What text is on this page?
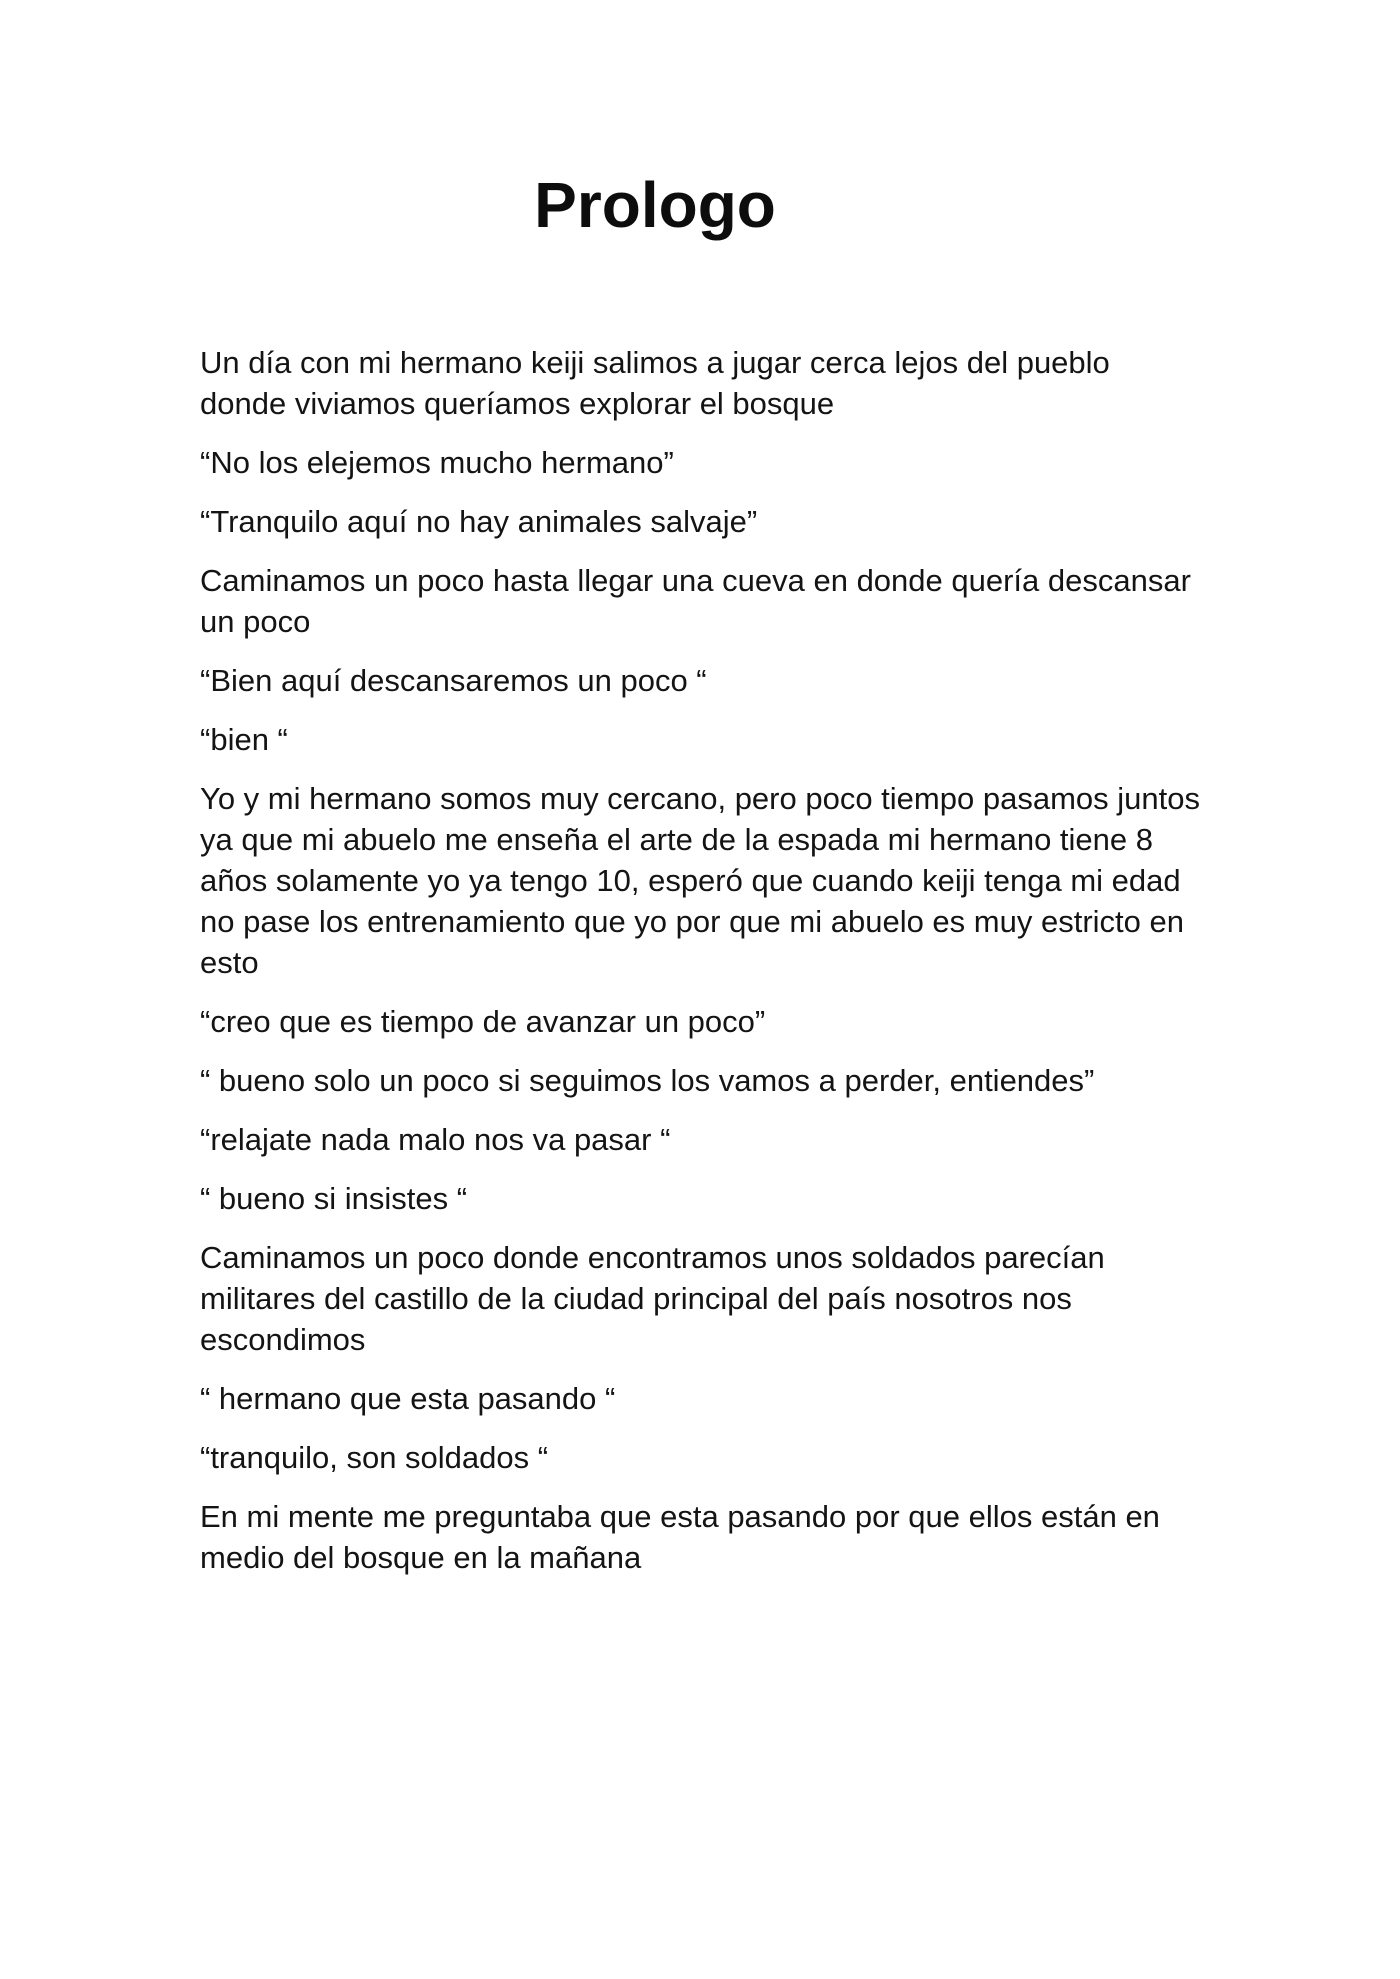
Prologo

Un día con mi hermano keiji salimos a jugar cerca lejos del pueblo donde viviamos queríamos explorar el bosque

“No los elejemos mucho hermano”

“Tranquilo aquí no hay animales salvaje”

Caminamos un poco hasta llegar una cueva en donde quería descansar un poco

“Bien aquí descansaremos un poco “

“bien “

Yo y mi hermano somos muy cercano, pero poco tiempo pasamos juntos ya que mi abuelo me enseña el arte de la espada mi hermano tiene 8 años solamente yo ya tengo 10, esperó que cuando keiji tenga mi edad no pase los entrenamiento que yo por que mi abuelo es muy estricto en esto

“creo que es tiempo de avanzar un poco”

“ bueno solo un poco si seguimos los vamos a perder, entiendes”

“relajate nada malo nos va pasar “

“ bueno si insistes “

Caminamos un poco donde encontramos unos soldados parecían militares del castillo de la ciudad principal del país nosotros nos escondimos

“ hermano que esta pasando “

“tranquilo, son soldados “

En mi mente me preguntaba que esta pasando por que ellos están en medio del bosque en la mañana
